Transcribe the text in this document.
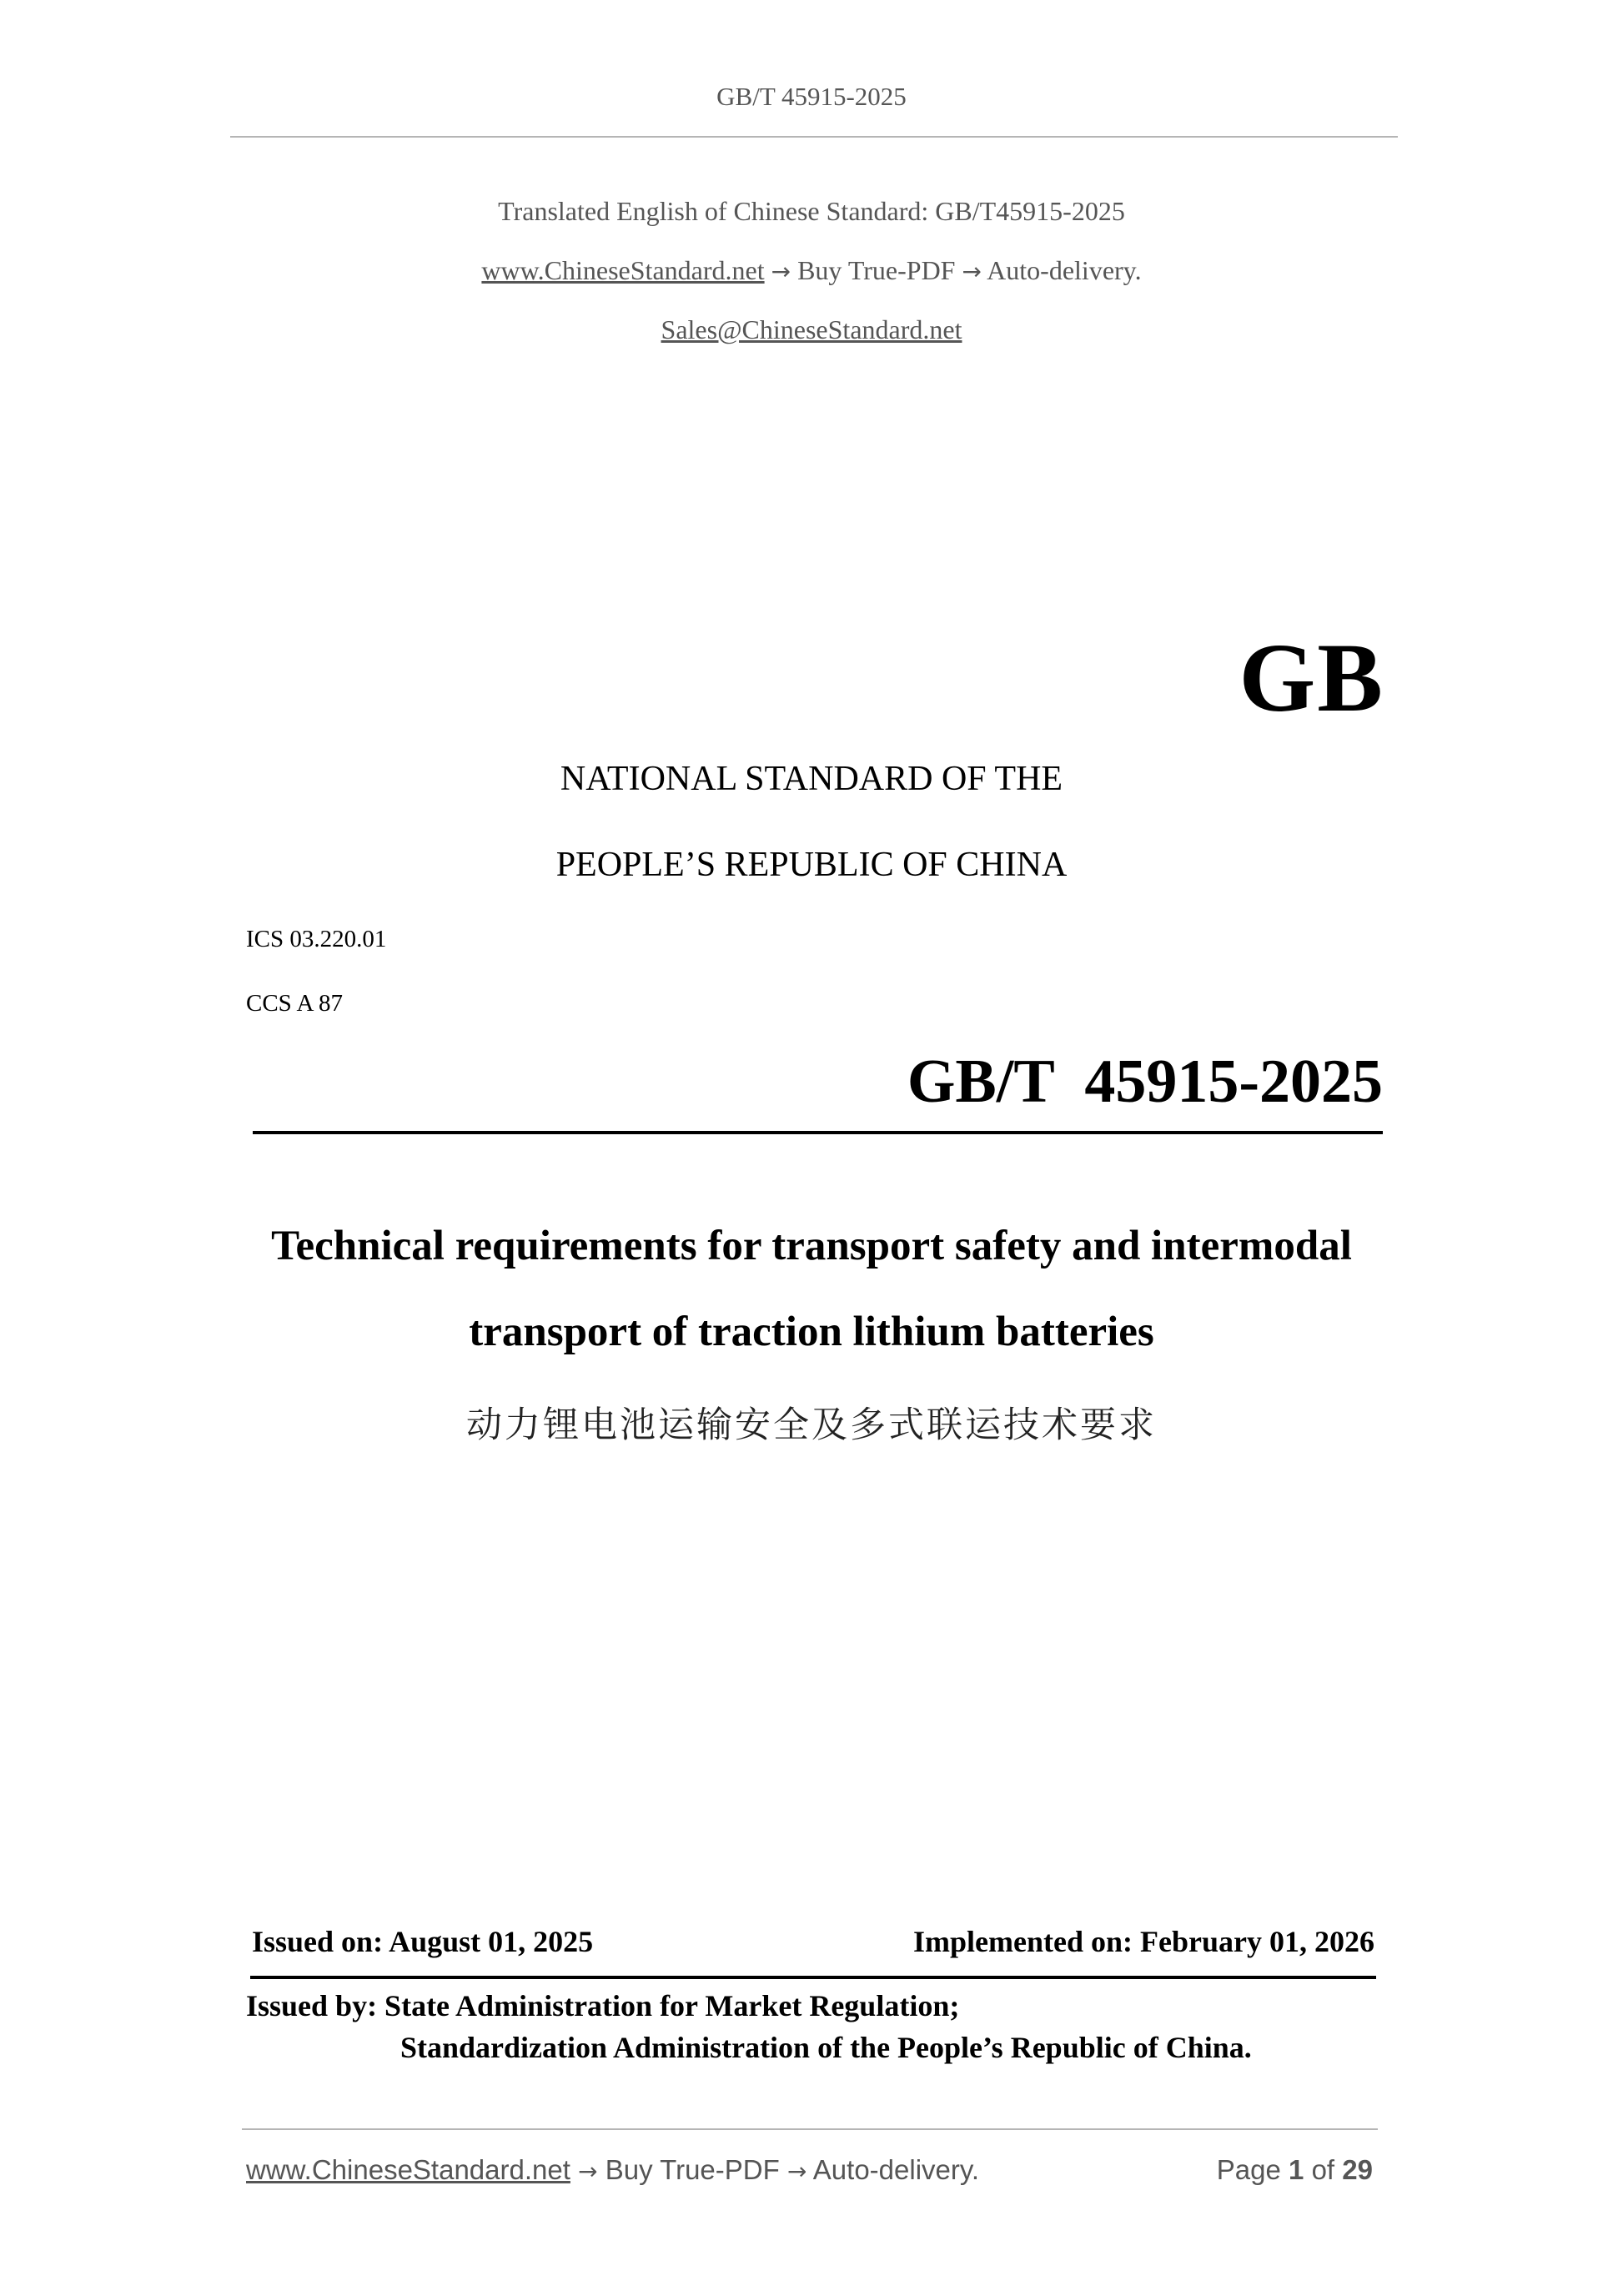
GB/T 45915-2025
Translated English of Chinese Standard: GB/T45915-2025
www.ChineseStandard.net → Buy True-PDF → Auto-delivery.
Sales@ChineseStandard.net
GB
NATIONAL STANDARD OF THE
PEOPLE’S REPUBLIC OF CHINA
ICS 03.220.01
CCS A 87
GB/T  45915-2025
Technical requirements for transport safety and intermodal
transport of traction lithium batteries
动力锂电池运输安全及多式联运技术要求
Issued on: August 01, 2025	Implemented on: February 01, 2026
Issued by: State Administration for Market Regulation;
Standardization Administration of the People’s Republic of China.
www.ChineseStandard.net → Buy True-PDF → Auto-delivery.	Page 1 of 29
